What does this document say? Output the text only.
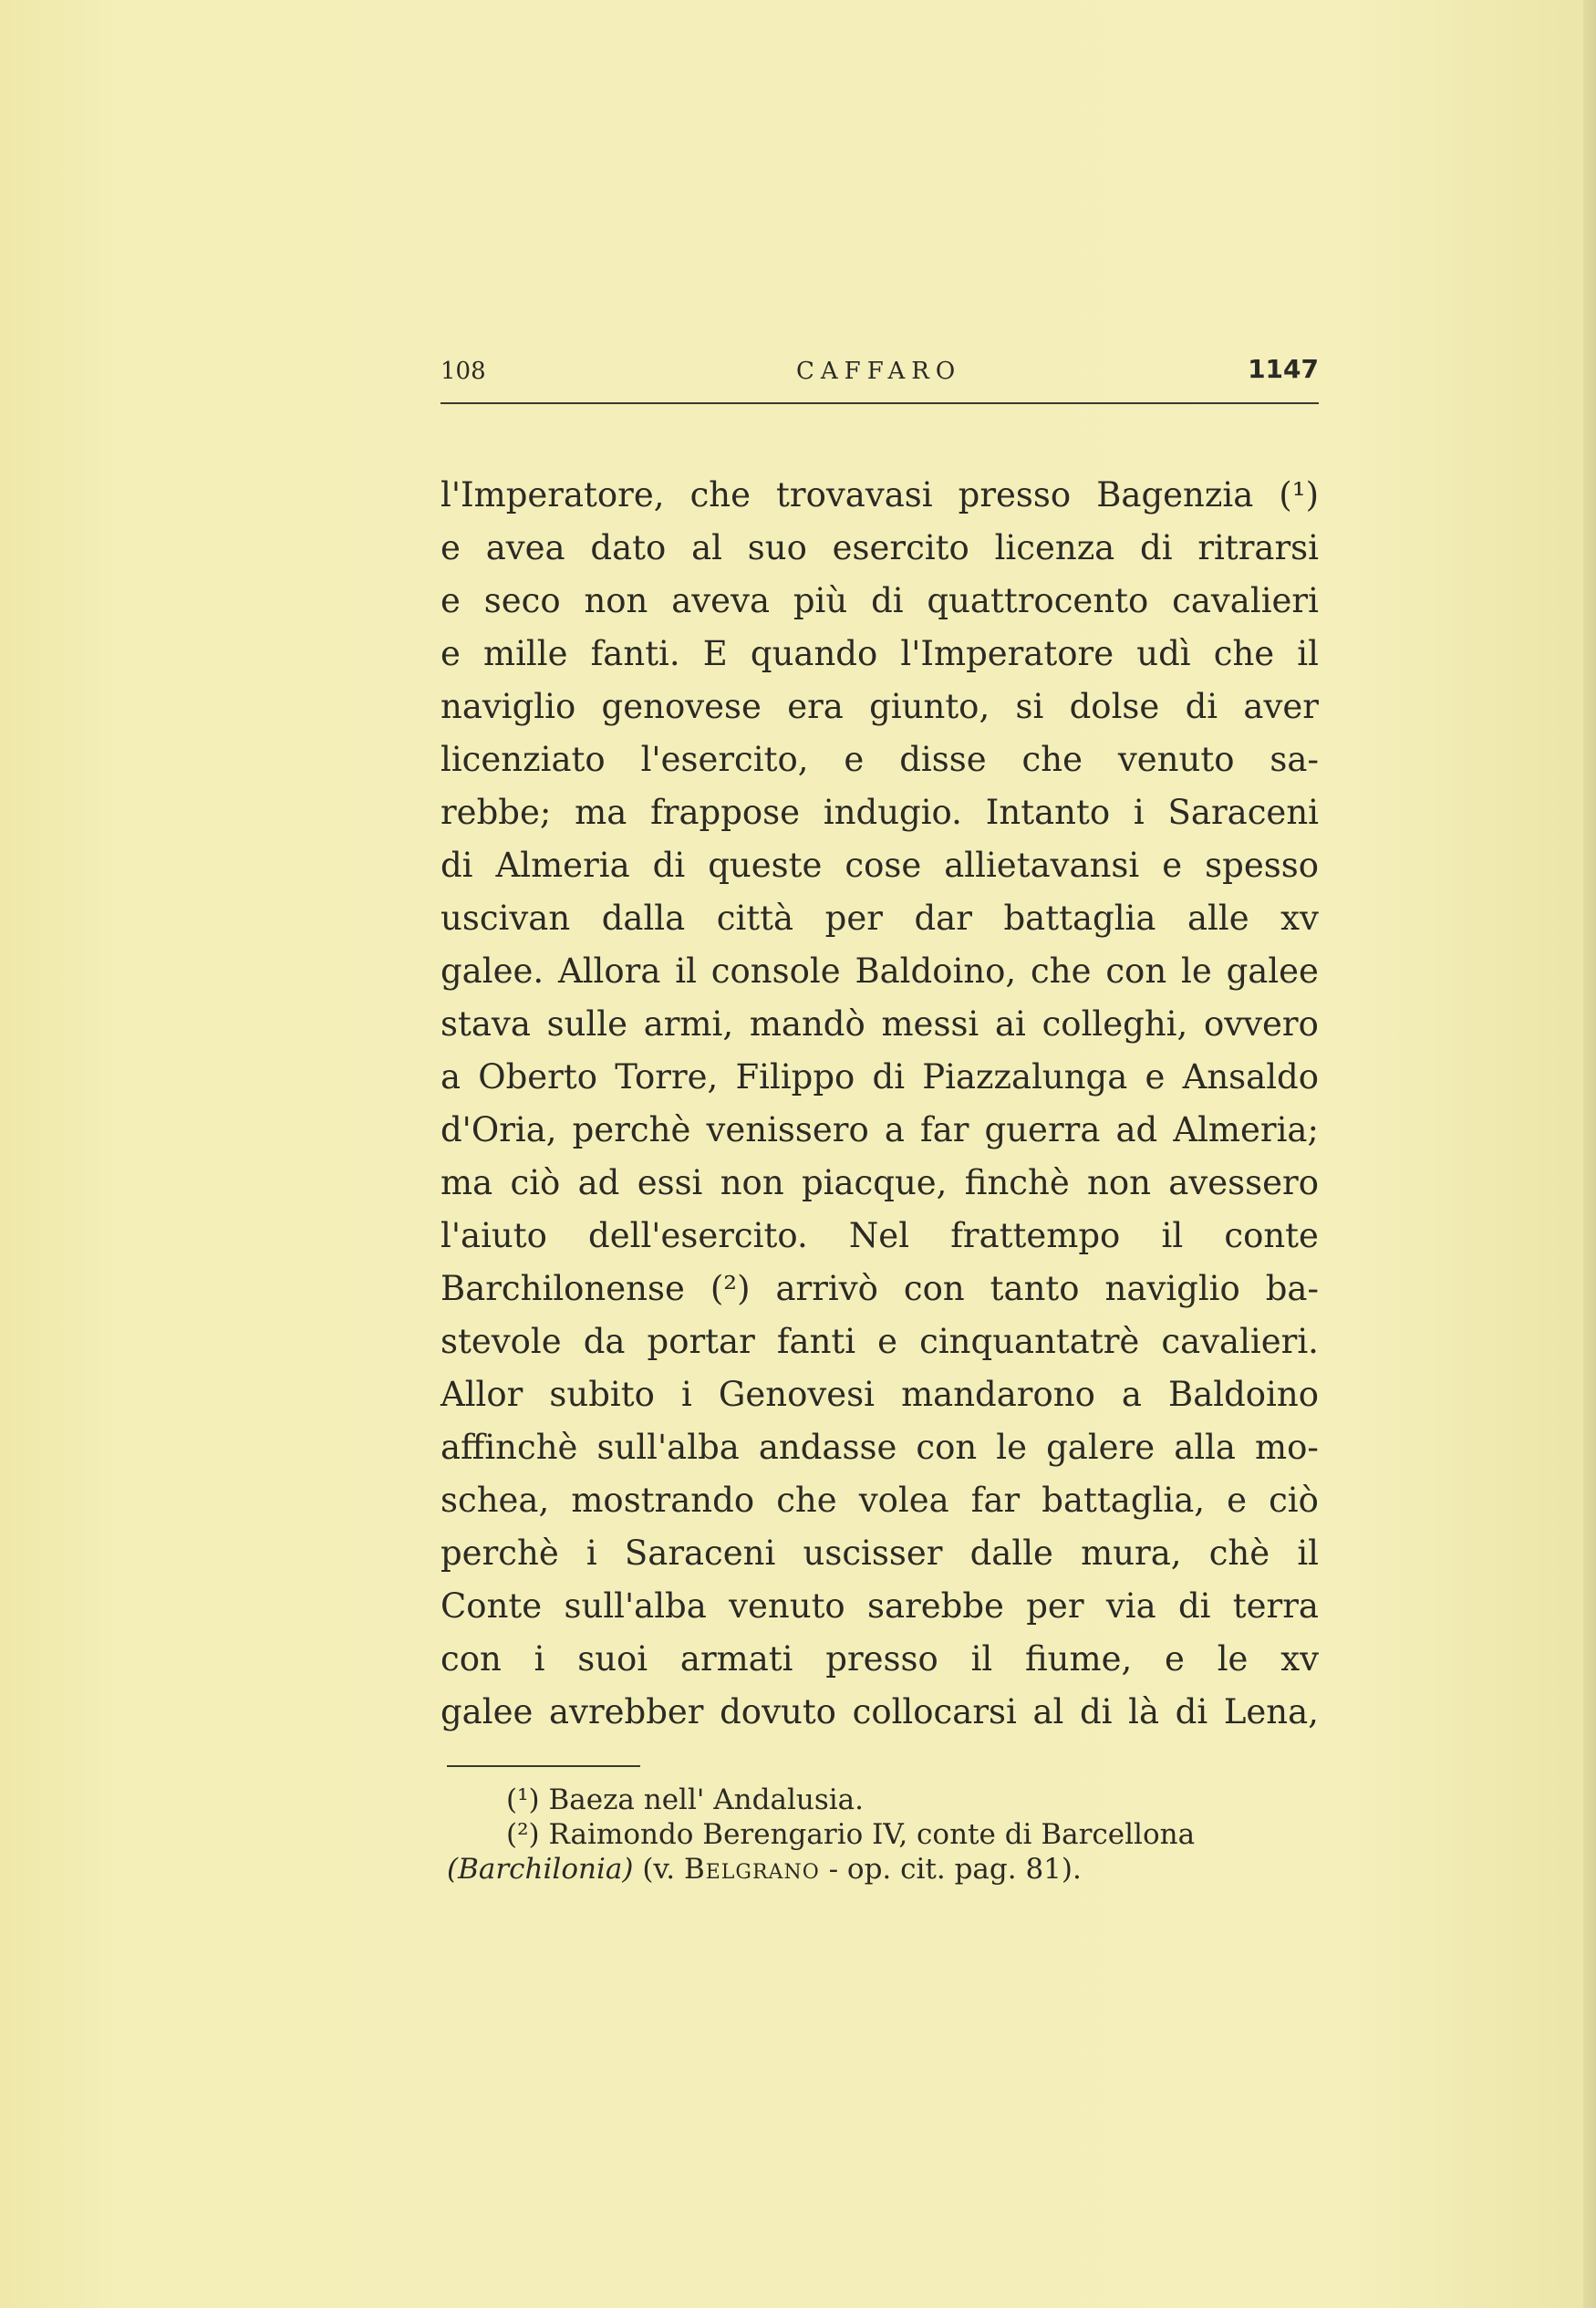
108	CAFFARO	1147
l'Imperatore, che trovavasi presso Bagenzia (¹)
e avea dato al suo esercito licenza di ritrarsi
e seco non aveva più di quattrocento cavalieri
e mille fanti. E quando l'Imperatore udì che il
naviglio genovese era giunto, si dolse di aver
licenziato l'esercito, e disse che venuto sa-
rebbe; ma frappose indugio. Intanto i Saraceni
di Almeria di queste cose allietavansi e spesso
uscivan dalla città per dar battaglia alle xv
galee. Allora il console Baldoino, che con le galee
stava sulle armi, mandò messi ai colleghi, ovvero
a Oberto Torre, Filippo di Piazzalunga e Ansaldo
d'Oria, perchè venissero a far guerra ad Almeria;
ma ciò ad essi non piacque, finchè non avessero
l'aiuto dell'esercito. Nel frattempo il conte
Barchilonense (²) arrivò con tanto naviglio ba-
stevole da portar fanti e cinquantatrè cavalieri.
Allor subito i Genovesi mandarono a Baldoino
affinchè sull'alba andasse con le galere alla mo-
schea, mostrando che volea far battaglia, e ciò
perchè i Saraceni uscisser dalle mura, chè il
Conte sull'alba venuto sarebbe per via di terra
con i suoi armati presso il fiume, e le xv
galee avrebber dovuto collocarsi al di là di Lena,
(¹) Baeza nell' Andalusia.
(²) Raimondo Berengario IV, conte di Barcellona
(Barchilonia) (v. Belgrano - op. cit. pag. 81).
